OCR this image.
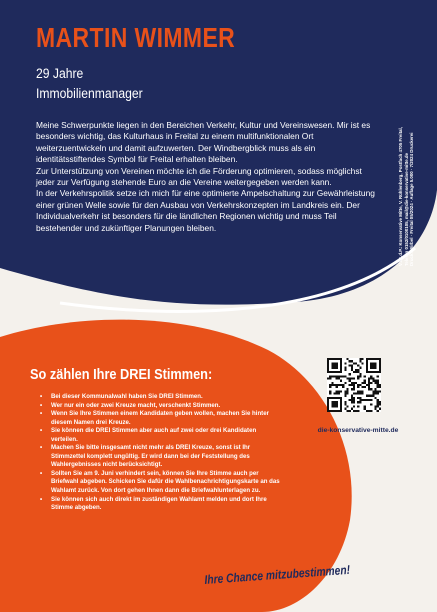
MARTIN WIMMER
29 Jahre
Immobilienmanager

Meine Schwerpunkte liegen in den Bereichen Verkehr, Kultur und Vereinswesen. Mir ist es besonders wichtig, das Kulturhaus in Freital zu einem multifunktionalen Ort weiterzuentwickeln und damit aufzuwerten. Der Windbergblick muss als ein identitätsstiftendes Symbol für Freital erhalten bleiben.

Zur Unterstützung von Vereinen möchte ich die Förderung optimieren, sodass möglichst jeder zur Verfügung stehende Euro an die Vereine weitergegeben werden kann.

In der Verkehrspolitik setze ich mich für eine optimierte Ampelschaltung zur Gewährleistung einer grünen Welle sowie für den Ausbau von Verkehrskonzepten im Landkreis ein. Der Individualverkehr ist besonders für die ländlichen Regionen wichtig und muss Teil bestehender und zukünftiger Planungen bleiben.	V.i.S.d.P.: Konservative Mitte, V. Rühlenberg, Postfach 4705 Freital, Telefon 0152/0100105, mail@die-konservative-mitte.de Druck: Wirbel · Freital 05/2024 · Auflage 5.000 · 7/2024 Druckerei
So zählen Ihre DREI Stimmen:
• Bei dieser Kommunalwahl haben Sie DREI Stimmen.
• Wer nur ein oder zwei Kreuze macht, verschenkt Stimmen.
• Wenn Sie Ihre Stimmen einem Kandidaten geben wollen, machen Sie hinter diesem Namen drei Kreuze.
• Sie können die DREI Stimmen aber auch auf zwei oder drei Kandidaten verteilen.
• Machen Sie bitte insgesamt nicht mehr als DREI Kreuze, sonst ist Ihr Stimmzettel komplett ungültig. Er wird dann bei der Feststellung des Wahlergebnisses nicht berücksichtigt.
• Sollten Sie am 9. Juni verhindert sein, können Sie Ihre Stimme auch per Briefwahl abgeben. Schicken Sie dafür die Wahlbenachrichtigungskarte an das Wahlamt zurück. Von dort gehen Ihnen dann die Briefwahlunterlagen zu.
• Sie können sich auch direkt im zuständigen Wahlamt melden und dort Ihre Stimme abgeben.
die-konservative-mitte.de
Ihre Chance mitzubestimmen!
